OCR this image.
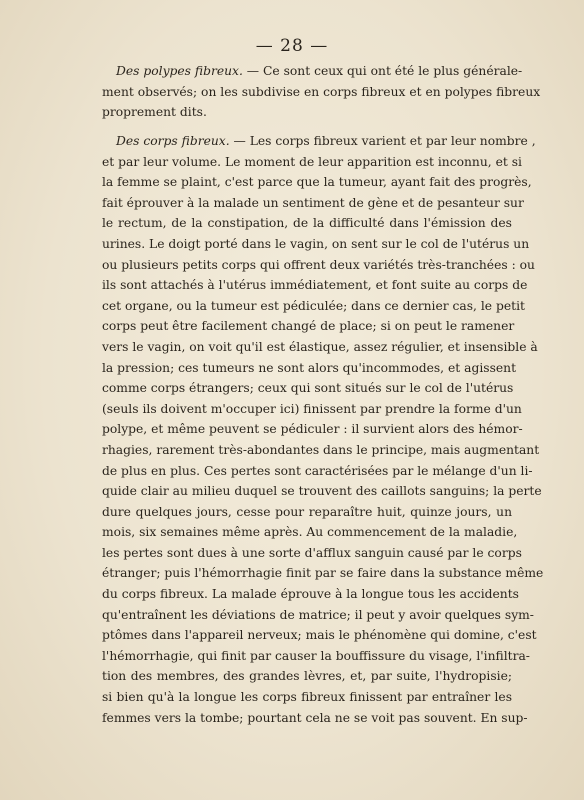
— 28 —
Des polypes fibreux. — Ce sont ceux qui ont été le plus générale-
ment observés; on les subdivise en corps fibreux et en polypes fibreux
proprement dits.
Des corps fibreux. — Les corps fibreux varient et par leur nombre ,
et par leur volume. Le moment de leur apparition est inconnu, et si
la femme se plaint, c'est parce que la tumeur, ayant fait des progrès,
fait éprouver à la malade un sentiment de gène et de pesanteur sur
le rectum, de la constipation, de la difficulté dans l'émission des
urines. Le doigt porté dans le vagin, on sent sur le col de l'utérus un
ou plusieurs petits corps qui offrent deux variétés très-tranchées : ou
ils sont attachés à l'utérus immédiatement, et font suite au corps de
cet organe, ou la tumeur est pédiculée; dans ce dernier cas, le petit
corps peut être facilement changé de place; si on peut le ramener
vers le vagin, on voit qu'il est élastique, assez régulier, et insensible à
la pression; ces tumeurs ne sont alors qu'incommodes, et agissent
comme corps étrangers; ceux qui sont situés sur le col de l'utérus
(seuls ils doivent m'occuper ici) finissent par prendre la forme d'un
polype, et même peuvent se pédiculer : il survient alors des hémor-
rhagies, rarement très-abondantes dans le principe, mais augmentant
de plus en plus. Ces pertes sont caractérisées par le mélange d'un li-
quide clair au milieu duquel se trouvent des caillots sanguins; la perte
dure quelques jours, cesse pour reparaître huit, quinze jours, un
mois, six semaines même après. Au commencement de la maladie,
les pertes sont dues à une sorte d'afflux sanguin causé par le corps
étranger; puis l'hémorrhagie finit par se faire dans la substance même
du corps fibreux. La malade éprouve à la longue tous les accidents
qu'entraînent les déviations de matrice; il peut y avoir quelques sym-
ptômes dans l'appareil nerveux; mais le phénomène qui domine, c'est
l'hémorrhagie, qui finit par causer la bouffissure du visage, l'infiltra-
tion des membres, des grandes lèvres, et, par suite, l'hydropisie;
si bien qu'à la longue les corps fibreux finissent par entraîner les
femmes vers la tombe; pourtant cela ne se voit pas souvent. En sup-
